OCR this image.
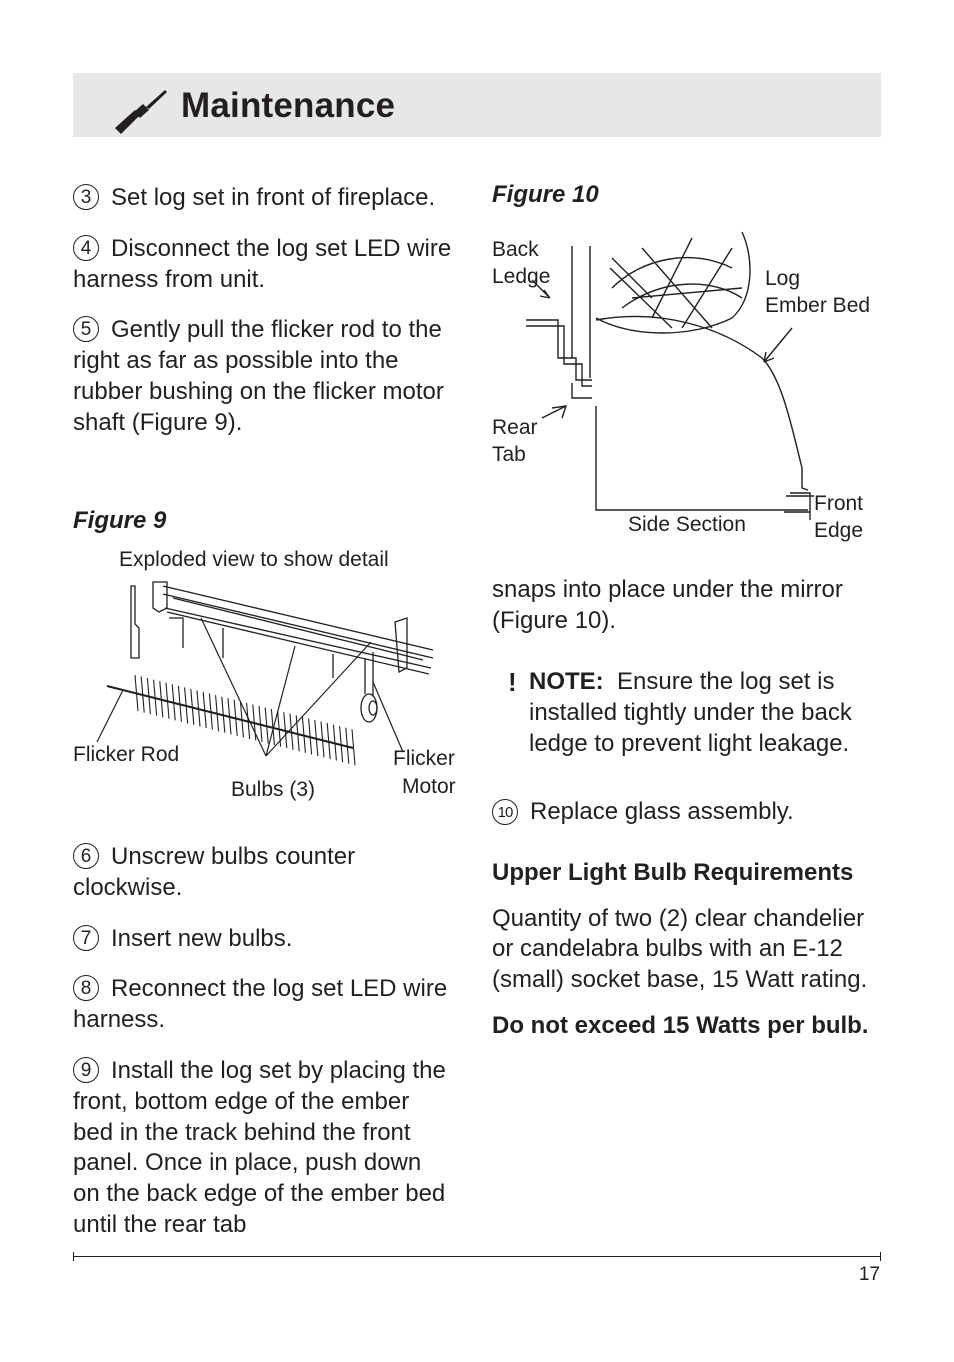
Maintenance

3 Set log set in front of fireplace.

4 Disconnect the log set LED wire harness from unit.

5 Gently pull the flicker rod to the right as far as possible into the rubber bushing on the flicker motor shaft (Figure 9).

Figure 9
Exploded view to show detail
Flicker Rod
Bulbs (3)
Flicker
Motor

6 Unscrew bulbs counter clockwise.

7 Insert new bulbs.

8 Reconnect the log set LED wire harness.

9 Install the log set by placing the front, bottom edge of the ember bed in the track behind the front panel. Once in place, push down on the back edge of the ember bed until the rear tab

Figure 10
Back
Ledge	Log
Ember Bed
Rear
Tab
Side Section
Front
Edge

snaps into place under the mirror (Figure 10).

! NOTE: Ensure the log set is installed tightly under the back ledge to prevent light leakage.

10 Replace glass assembly.

Upper Light Bulb Requirements

Quantity of two (2) clear chandelier or candelabra bulbs with an E-12 (small) socket base, 15 Watt rating.

Do not exceed 15 Watts per bulb.

17
